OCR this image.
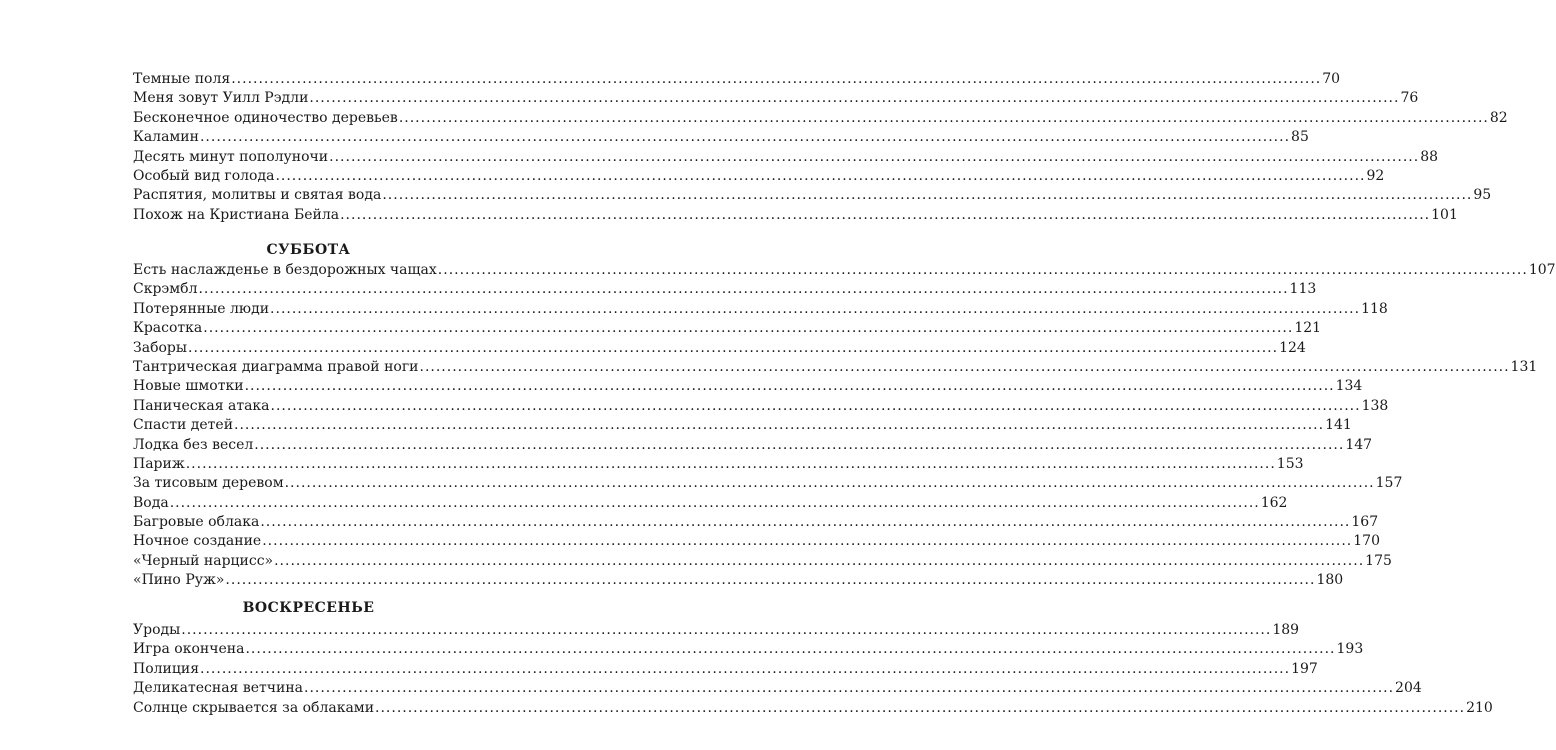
Темные поля ........................................................................................................................................................................................................ 70
Меня зовут Уилл Рэдли ........................................................................................................................................................................................................ 76
Бесконечное одиночество деревьев ........................................................................................................................................................................................................ 82
Каламин ........................................................................................................................................................................................................ 85
Десять минут пополуночи ........................................................................................................................................................................................................ 88
Особый вид голода ........................................................................................................................................................................................................ 92
Распятия, молитвы и святая вода ........................................................................................................................................................................................................ 95
Похож на Кристиана Бейла ........................................................................................................................................................................................................ 101
СУББОТА
Есть наслажденье в бездорожных чащах ........................................................................................................................................................................................................ 107
Скрэмбл ........................................................................................................................................................................................................ 113
Потерянные люди ........................................................................................................................................................................................................ 118
Красотка ........................................................................................................................................................................................................ 121
Заборы ........................................................................................................................................................................................................ 124
Тантрическая диаграмма правой ноги ........................................................................................................................................................................................................ 131
Новые шмотки ........................................................................................................................................................................................................ 134
Паническая атака ........................................................................................................................................................................................................ 138
Спасти детей ........................................................................................................................................................................................................ 141
Лодка без весел ........................................................................................................................................................................................................ 147
Париж ........................................................................................................................................................................................................ 153
За тисовым деревом ........................................................................................................................................................................................................ 157
Вода ........................................................................................................................................................................................................ 162
Багровые облака ........................................................................................................................................................................................................ 167
Ночное создание ........................................................................................................................................................................................................ 170
«Черный нарцисс» ........................................................................................................................................................................................................ 175
«Пино Руж» ........................................................................................................................................................................................................ 180
ВОСКРЕСЕНЬЕ
Уроды ........................................................................................................................................................................................................ 189
Игра окончена ........................................................................................................................................................................................................ 193
Полиция ........................................................................................................................................................................................................ 197
Деликатесная ветчина ........................................................................................................................................................................................................ 204
Солнце скрывается за облаками ........................................................................................................................................................................................................ 210
